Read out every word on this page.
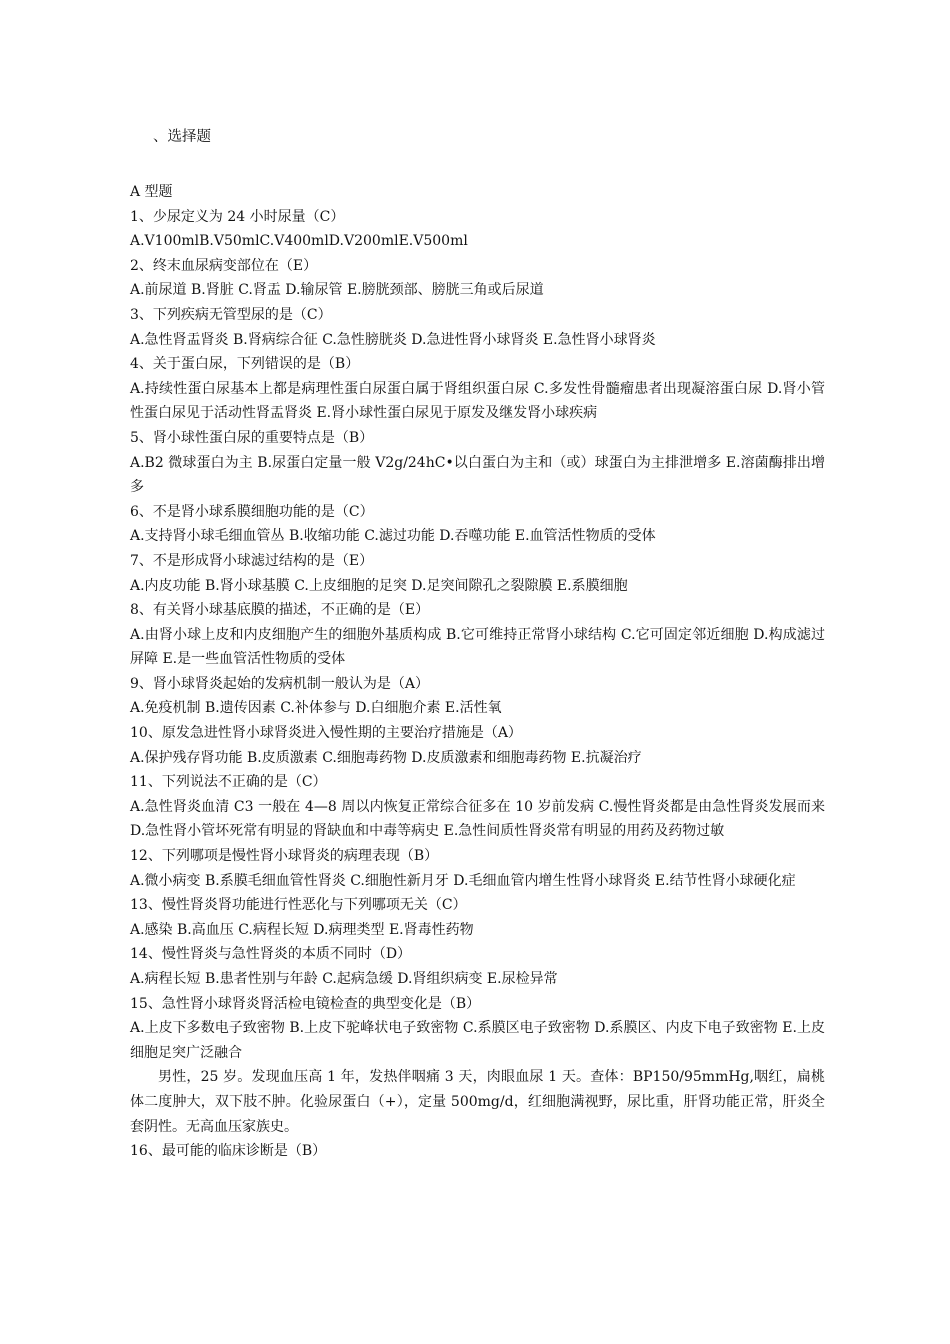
、选择题
A 型题
1、少尿定义为 24 小时尿量（C）
A.V100mlB.V50mlC.V400mlD.V200mlE.V500ml
2、终末血尿病变部位在（E）
A.前尿道 B.肾脏 C.肾盂 D.输尿管 E.膀胱颈部、膀胱三角或后尿道
3、下列疾病无管型尿的是（C）
A.急性肾盂肾炎 B.肾病综合征 C.急性膀胱炎 D.急进性肾小球肾炎 E.急性肾小球肾炎
4、关于蛋白尿，下列错误的是（B）
A.持续性蛋白尿基本上都是病理性蛋白尿蛋白属于肾组织蛋白尿 C.多发性骨髓瘤患者出现凝溶蛋白尿 D.肾小管性蛋白尿见于活动性肾盂肾炎 E.肾小球性蛋白尿见于原发及继发肾小球疾病
5、肾小球性蛋白尿的重要特点是（B）
A.B2 微球蛋白为主 B.尿蛋白定量一般 V2g/24hC•以白蛋白为主和（或）球蛋白为主排泄增多 E.溶菌酶排出增多
6、不是肾小球系膜细胞功能的是（C）
A.支持肾小球毛细血管丛 B.收缩功能 C.滤过功能 D.吞噬功能 E.血管活性物质的受体
7、不是形成肾小球滤过结构的是（E）
A.内皮功能 B.肾小球基膜 C.上皮细胞的足突 D.足突间隙孔之裂隙膜 E.系膜细胞
8、有关肾小球基底膜的描述，不正确的是（E）
A.由肾小球上皮和内皮细胞产生的细胞外基质构成 B.它可维持正常肾小球结构 C.它可固定邻近细胞 D.构成滤过屏障 E.是一些血管活性物质的受体
9、肾小球肾炎起始的发病机制一般认为是（A）
A.免疫机制 B.遗传因素 C.补体参与 D.白细胞介素 E.活性氧
10、原发急进性肾小球肾炎进入慢性期的主要治疗措施是（A）
A.保护残存肾功能 B.皮质激素 C.细胞毒药物 D.皮质激素和细胞毒药物 E.抗凝治疗
11、下列说法不正确的是（C）
A.急性肾炎血清 C3 一般在 4—8 周以内恢复正常综合征多在 10 岁前发病 C.慢性肾炎都是由急性肾炎发展而来 D.急性肾小管坏死常有明显的肾缺血和中毒等病史 E.急性间质性肾炎常有明显的用药及药物过敏
12、下列哪项是慢性肾小球肾炎的病理表现（B）
A.微小病变 B.系膜毛细血管性肾炎 C.细胞性新月牙 D.毛细血管内增生性肾小球肾炎 E.结节性肾小球硬化症
13、慢性肾炎肾功能进行性恶化与下列哪项无关（C）
A.感染 B.高血压 C.病程长短 D.病理类型 E.肾毒性药物
14、慢性肾炎与急性肾炎的本质不同时（D）
A.病程长短 B.患者性别与年龄 C.起病急缓 D.肾组织病变 E.尿检异常
15、急性肾小球肾炎肾活检电镜检查的典型变化是（B）
A.上皮下多数电子致密物 B.上皮下驼峰状电子致密物 C.系膜区电子致密物 D.系膜区、内皮下电子致密物 E.上皮细胞足突广泛融合
男性，25 岁。发现血压高 1 年，发热伴咽痛 3 天，肉眼血尿 1 天。查体：BP150/95mmHg,咽红，扁桃体二度肿大，双下肢不肿。化验尿蛋白（+），定量 500mg/d，红细胞满视野，尿比重，肝肾功能正常，肝炎全套阴性。无高血压家族史。
16、最可能的临床诊断是（B）
